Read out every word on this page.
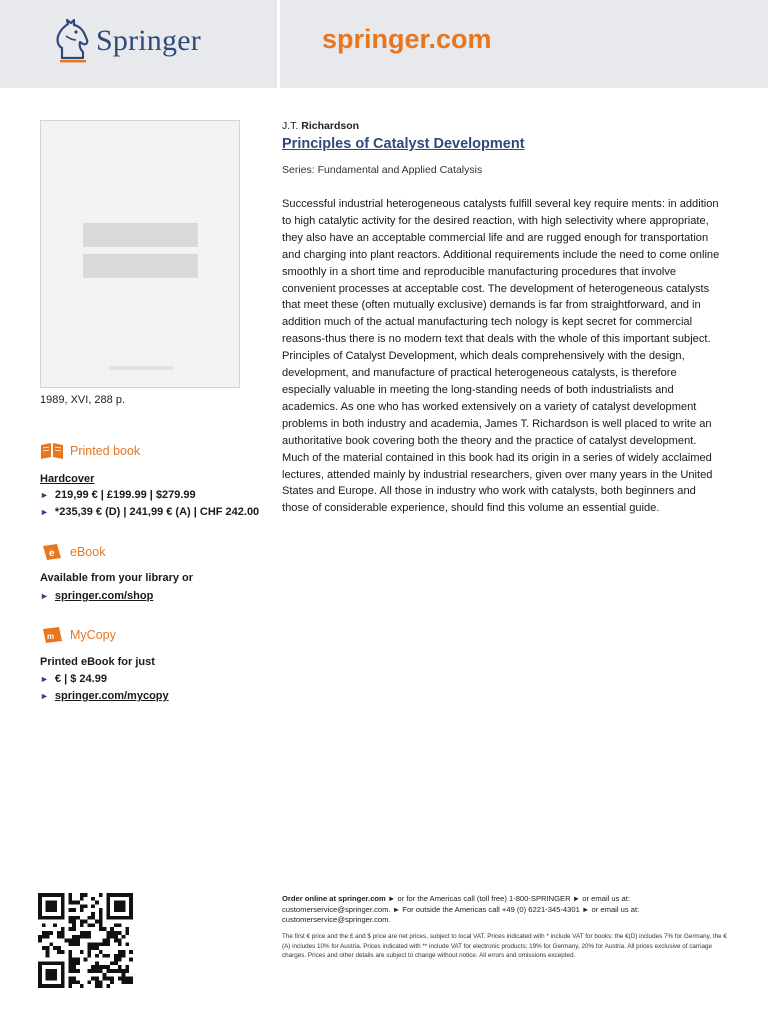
Springer	springer.com
1989, XVI, 288 p.
Printed book
Hardcover
► 219,99 € | £199.99 | $279.99
► *235,39 € (D) | 241,99 € (A) | CHF 242.00
e eBook
Available from your library or
► springer.com/shop
m MyCopy
Printed eBook for just
► € | $ 24.99
► springer.com/mycopy
J.T. Richardson
Principles of Catalyst Development
Series: Fundamental and Applied Catalysis
Successful industrial heterogeneous catalysts fulfill several key require ments: in addition to high catalytic activity for the desired reaction, with high selectivity where appropriate, they also have an acceptable commercial life and are rugged enough for transportation and charging into plant reactors. Additional requirements include the need to come online smoothly in a short time and reproducible manufacturing procedures that involve convenient processes at acceptable cost. The development of heterogeneous catalysts that meet these (often mutually exclusive) demands is far from straightforward, and in addition much of the actual manufacturing tech nology is kept secret for commercial reasons-thus there is no modern text that deals with the whole of this important subject. Principles of Catalyst Development, which deals comprehensively with the design, development, and manufacture of practical heterogeneous catalysts, is therefore especially valuable in meeting the long-standing needs of both industrialists and academics. As one who has worked extensively on a variety of catalyst development problems in both industry and academia, James T. Richardson is well placed to write an authoritative book covering both the theory and the practice of catalyst development. Much of the material contained in this book had its origin in a series of widely acclaimed lectures, attended mainly by industrial researchers, given over many years in the United States and Europe. All those in industry who work with catalysts, both beginners and those of considerable experience, should find this volume an essential guide.
Order online at springer.com ► or for the Americas call (toll free) 1-800-SPRINGER ► or email us at: customerservice@springer.com. ► For outside the Americas call +49 (0) 6221-345-4301 ► or email us at: customerservice@springer.com.
The first € price and the £ and $ price are net prices, subject to local VAT. Prices indicated with * include VAT for books; the €(D) includes 7% for Germany, the €(A) includes 10% for Austria. Prices indicated with ** include VAT for electronic products; 19% for Germany, 20% for Austria. All prices exclusive of carriage charges. Prices and other details are subject to change without notice. All errors and omissions excepted.
